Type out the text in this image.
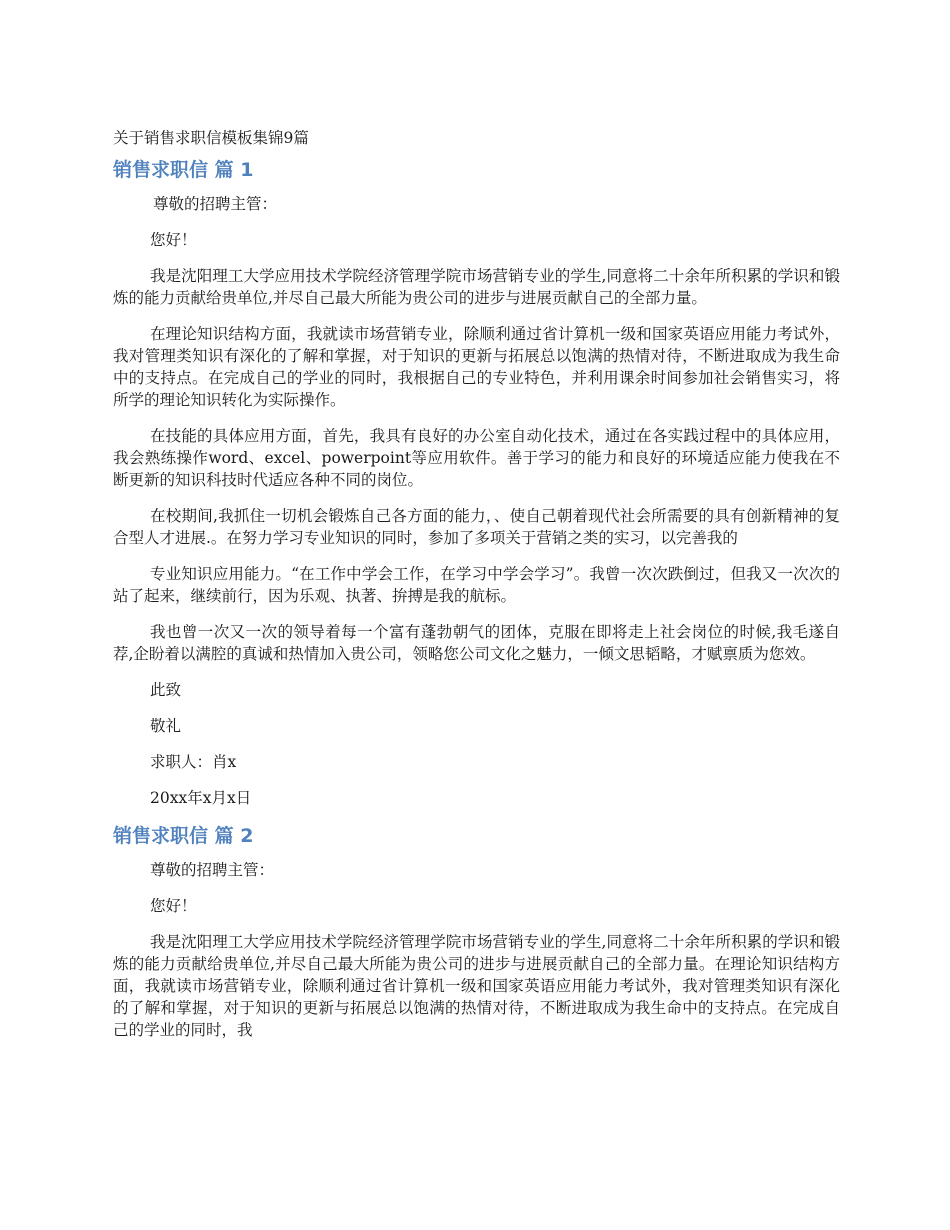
关于销售求职信模板集锦9篇
销售求职信 篇 1
尊敬的招聘主管：
您好！
我是沈阳理工大学应用技术学院经济管理学院市场营销专业的学生,同意将二十余年所积累的学识和锻炼的能力贡献给贵单位,并尽自己最大所能为贵公司的进步与进展贡献自己的全部力量。
在理论知识结构方面，我就读市场营销专业，除顺利通过省计算机一级和国家英语应用能力考试外，我对管理类知识有深化的了解和掌握，对于知识的更新与拓展总以饱满的热情对待，不断进取成为我生命中的支持点。在完成自己的学业的同时，我根据自己的专业特色，并利用课余时间参加社会销售实习，将所学的理论知识转化为实际操作。
在技能的具体应用方面，首先，我具有良好的办公室自动化技术，通过在各实践过程中的具体应用，我会熟练操作word、excel、powerpoint等应用软件。善于学习的能力和良好的环境适应能力使我在不断更新的知识科技时代适应各种不同的岗位。
在校期间,我抓住一切机会锻炼自己各方面的能力，、使自己朝着现代社会所需要的具有创新精神的复合型人才进展.。在努力学习专业知识的同时，参加了多项关于营销之类的实习，以完善我的
专业知识应用能力。“在工作中学会工作，在学习中学会学习”。我曾一次次跌倒过，但我又一次次的站了起来，继续前行，因为乐观、执著、拚搏是我的航标。
我也曾一次又一次的领导着每一个富有蓬勃朝气的团体，克服在即将走上社会岗位的时候,我毛遂自荐,企盼着以满腔的真诚和热情加入贵公司，领略您公司文化之魅力，一倾文思韬略，才赋禀质为您效。
此致
敬礼
求职人：肖x
20xx年x月x日
销售求职信 篇 2
尊敬的招聘主管：
您好！
我是沈阳理工大学应用技术学院经济管理学院市场营销专业的学生,同意将二十余年所积累的学识和锻炼的能力贡献给贵单位,并尽自己最大所能为贵公司的进步与进展贡献自己的全部力量。在理论知识结构方面，我就读市场营销专业，除顺利通过省计算机一级和国家英语应用能力考试外，我对管理类知识有深化的了解和掌握，对于知识的更新与拓展总以饱满的热情对待，不断进取成为我生命中的支持点。在完成自己的学业的同时，我
